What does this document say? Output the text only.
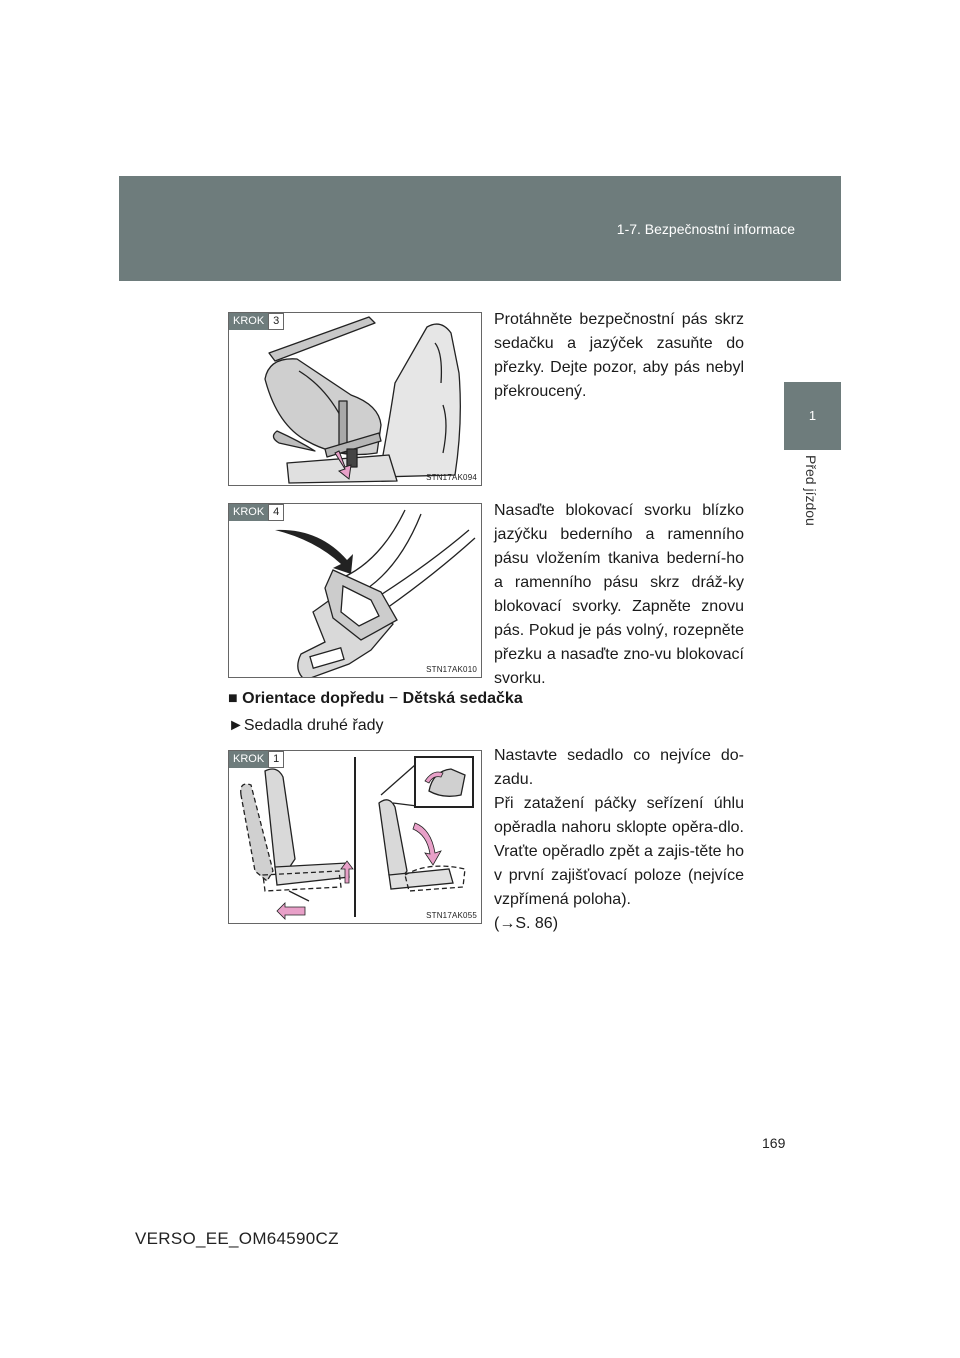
1-7. Bezpečnostní informace
1
Před jízdou
KROK 3
STN17AK094

Protáhněte bezpečnostní pás skrz sedačku a jazýček zasuňte do přezky. Dejte pozor, aby pás nebyl překroucený.

KROK 4
STN17AK010

Nasaďte blokovací svorku blízko jazýčku bederního a ramenního pásu vložením tkaniva bederní-ho a ramenního pásu skrz dráž-ky blokovací svorky. Zapněte znovu pás. Pokud je pás volný, rozepněte přezku a nasaďte zno-vu blokovací svorku.

■ Orientace dopředu − Dětská sedačka
►Sedadla druhé řady
KROK 1
STN17AK055
Nastavte sedadlo co nejvíce do-zadu.
Při zatažení páčky seřízení úhlu opěradla nahoru sklopte opěra-dlo. Vraťte opěradlo zpět a zajis-těte ho v první zajišťovací poloze (nejvíce vzpřímená poloha).
(→S. 86)
169
VERSO_EE_OM64590CZ
